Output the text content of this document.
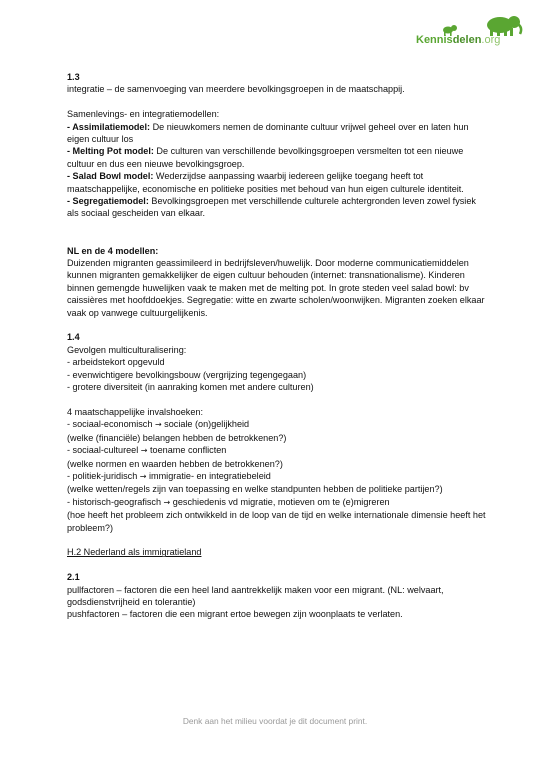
Kennisdelen.org

1.3

integratie – de samenvoeging van meerdere bevolkingsgroepen in de maatschappij.

Samenlevings- en integratiemodellen:

- Assimilatiemodel: De nieuwkomers nemen de dominante cultuur vrijwel geheel over en laten hun eigen cultuur los

- Melting Pot model: De culturen van verschillende bevolkingsgroepen versmelten tot een nieuwe cultuur en dus een nieuwe bevolkingsgroep.

- Salad Bowl model: Wederzijdse aanpassing waarbij iedereen gelijke toegang heeft tot maatschappelijke, economische en politieke posities met behoud van hun eigen culturele identiteit.

- Segregatiemodel: Bevolkingsgroepen met verschillende culturele achtergronden leven zowel fysiek als sociaal gescheiden van elkaar.

NL en de 4 modellen:

Duizenden migranten geassimileerd in bedrijfsleven/huwelijk. Door moderne communicatiemiddelen kunnen migranten gemakkelijker de eigen cultuur behouden (internet: transnationalisme). Kinderen binnen gemengde huwelijken vaak te maken met de melting pot. In grote steden veel salad bowl: bv caissières met hoofddoekjes. Segregatie: witte en zwarte scholen/woonwijken. Migranten zoeken elkaar vaak op vanwege cultuurgelijkenis.

1.4

Gevolgen multiculturalisering:

- arbeidstekort opgevuld

- evenwichtigere bevolkingsbouw (vergrijzing tegengegaan)

- grotere diversiteit (in aanraking komen met andere culturen)

4 maatschappelijke invalshoeken:

- sociaal-economisch → sociale (on)gelijkheid

(welke (financiële) belangen hebben de betrokkenen?)

- sociaal-cultureel → toename conflicten

(welke normen en waarden hebben de betrokkenen?)

- politiek-juridisch → immigratie- en integratiebeleid

(welke wetten/regels zijn van toepassing en welke standpunten hebben de politieke partijen?)

- historisch-geografisch → geschiedenis vd migratie, motieven om te (e)migreren

(hoe heeft het probleem zich ontwikkeld in de loop van de tijd en welke internationale dimensie heeft het probleem?)

H.2 Nederland als immigratieland

2.1

pullfactoren – factoren die een heel land aantrekkelijk maken voor een migrant. (NL: welvaart, godsdienstvrijheid en tolerantie)

pushfactoren – factoren die een migrant ertoe bewegen zijn woonplaats te verlaten.

Denk aan het milieu voordat je dit document print.
